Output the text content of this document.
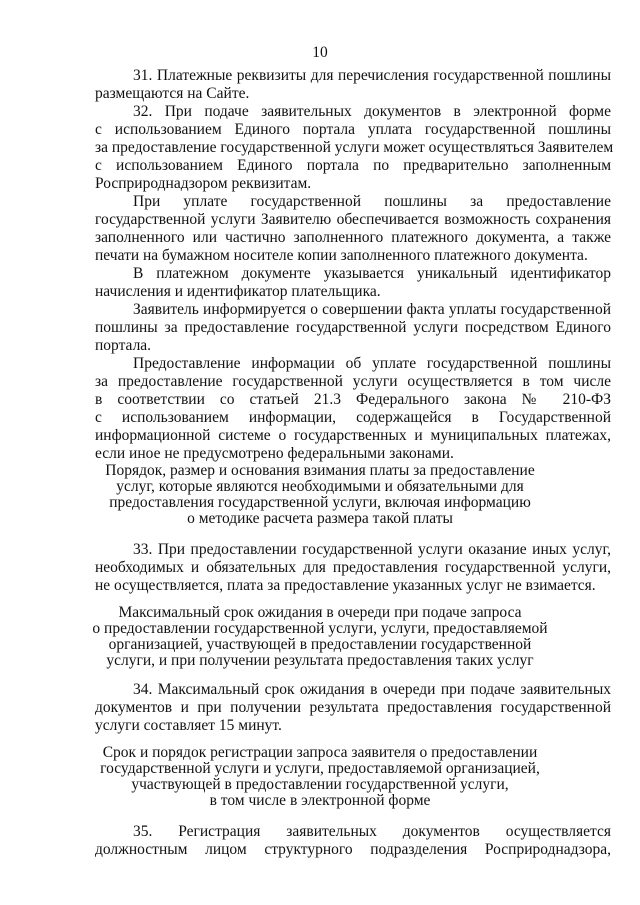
10
31. Платежные реквизиты для перечисления государственной пошлины
размещаются на Сайте.
32. При подаче заявительных документов в электронной форме
с использованием Единого портала уплата государственной пошлины
за предоставление государственной услуги может осуществляться Заявителем
с использованием Единого портала по предварительно заполненным
Росприроднадзором реквизитам.
При уплате государственной пошлины за предоставление
государственной услуги Заявителю обеспечивается возможность сохранения
заполненного или частично заполненного платежного документа, а также
печати на бумажном носителе копии заполненного платежного документа.
В платежном документе указывается уникальный идентификатор
начисления и идентификатор плательщика.
Заявитель информируется о совершении факта уплаты государственной
пошлины за предоставление государственной услуги посредством Единого
портала.
Предоставление информации об уплате государственной пошлины
за предоставление государственной услуги осуществляется в том числе
в соответствии со статьей 21.3 Федерального закона № 210-ФЗ
с использованием информации, содержащейся в Государственной
информационной системе о государственных и муниципальных платежах,
если иное не предусмотрено федеральными законами.
Порядок, размер и основания взимания платы за предоставление
услуг, которые являются необходимыми и обязательными для
предоставления государственной услуги, включая информацию
о методике расчета размера такой платы
33. При предоставлении государственной услуги оказание иных услуг,
необходимых и обязательных для предоставления государственной услуги,
не осуществляется, плата за предоставление указанных услуг не взимается.
Максимальный срок ожидания в очереди при подаче запроса
о предоставлении государственной услуги, услуги, предоставляемой
организацией, участвующей в предоставлении государственной
услуги, и при получении результата предоставления таких услуг
34. Максимальный срок ожидания в очереди при подаче заявительных
документов и при получении результата предоставления государственной
услуги составляет 15 минут.
Срок и порядок регистрации запроса заявителя о предоставлении
государственной услуги и услуги, предоставляемой организацией,
участвующей в предоставлении государственной услуги,
в том числе в электронной форме
35. Регистрация заявительных документов осуществляется
должностным лицом структурного подразделения Росприроднадзора,
